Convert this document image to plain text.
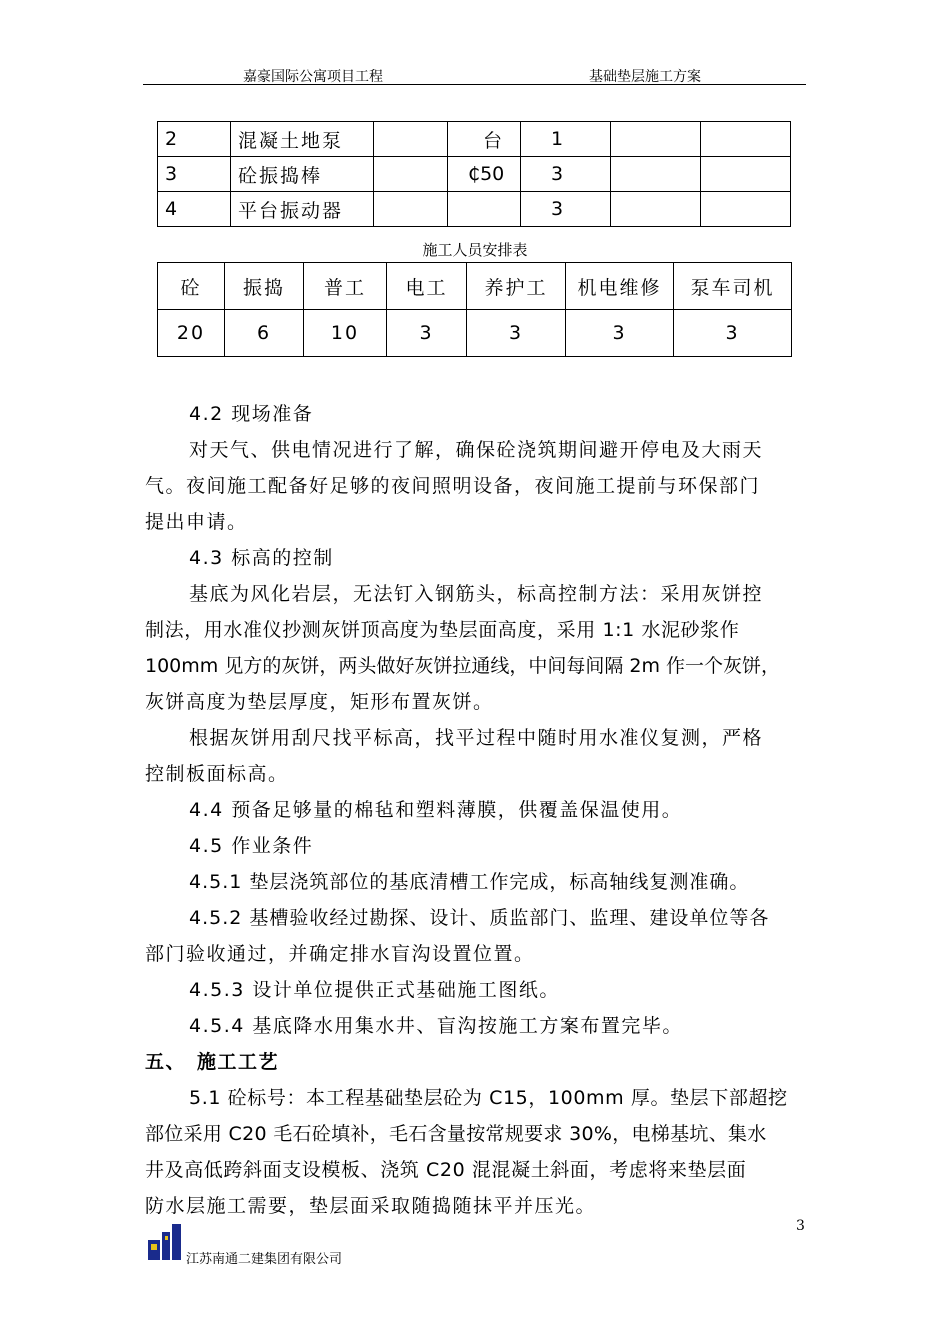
嘉豪国际公寓项目工程	基础垫层施工方案
2	混凝土地泵		台	1		
3	砼振捣棒		₵50	3		
4	平台振动器			3		
施工人员安排表
砼	振捣	普工	电工	养护工	机电维修	泵车司机
20	6	10	3	3	3	3
4.2 现场准备
对天气、供电情况进行了解，确保砼浇筑期间避开停电及大雨天
气。夜间施工配备好足够的夜间照明设备，夜间施工提前与环保部门
提出申请。
4.3 标高的控制
基底为风化岩层，无法钉入钢筋头，标高控制方法：采用灰饼控
制法，用水准仪抄测灰饼顶高度为垫层面高度，采用 1:1 水泥砂浆作
100mm 见方的灰饼，两头做好灰饼拉通线，中间每间隔 2m 作一个灰饼，
灰饼高度为垫层厚度，矩形布置灰饼。
根据灰饼用刮尺找平标高，找平过程中随时用水准仪复测，严格
控制板面标高。
4.4 预备足够量的棉毡和塑料薄膜，供覆盖保温使用。
4.5 作业条件
4.5.1 垫层浇筑部位的基底清槽工作完成，标高轴线复测准确。
4.5.2 基槽验收经过勘探、设计、质监部门、监理、建设单位等各
部门验收通过，并确定排水盲沟设置位置。
4.5.3 设计单位提供正式基础施工图纸。
4.5.4 基底降水用集水井、盲沟按施工方案布置完毕。
五、　施工工艺
5.1 砼标号：本工程基础垫层砼为 C15，100mm 厚。垫层下部超挖
部位采用 C20 毛石砼填补，毛石含量按常规要求 30%，电梯基坑、集水
井及高低跨斜面支设模板、浇筑 C20 混混凝土斜面，考虑将来垫层面
防水层施工需要，垫层面采取随捣随抹平并压光。
3
江苏南通二建集团有限公司
